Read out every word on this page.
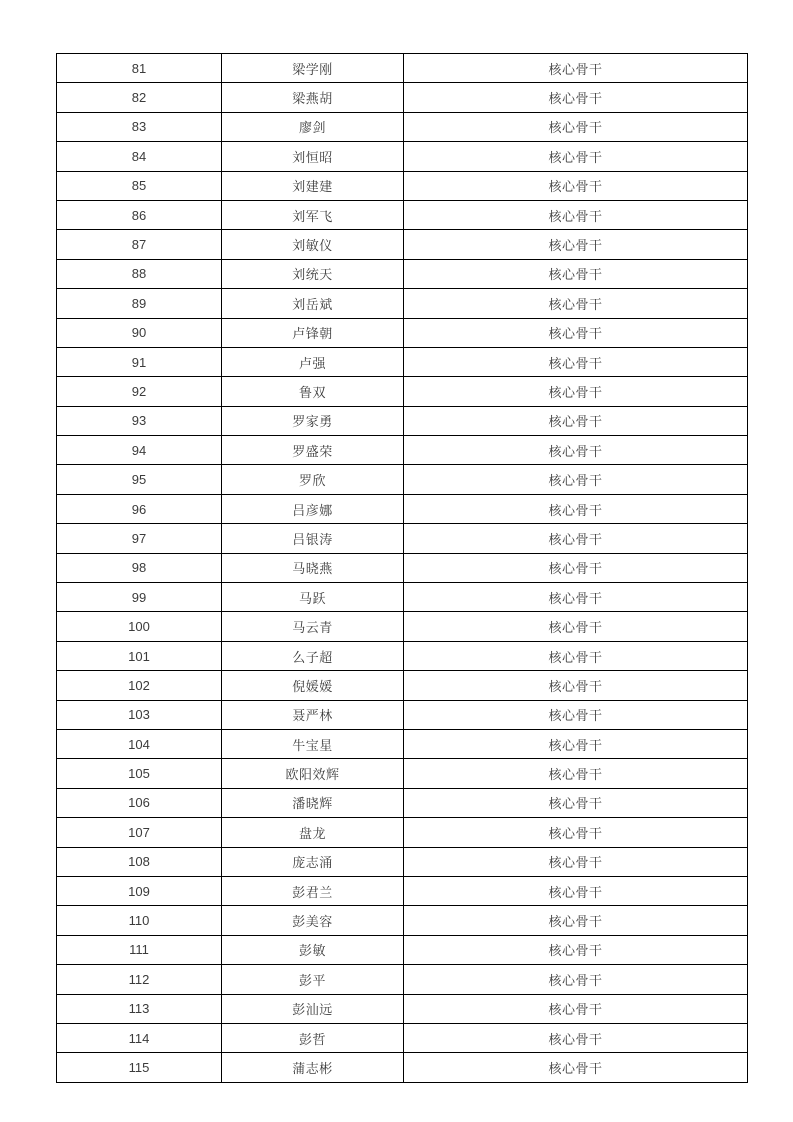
81	梁学刚	核心骨干
82	梁燕胡	核心骨干
83	廖剑	核心骨干
84	刘恒昭	核心骨干
85	刘建建	核心骨干
86	刘军飞	核心骨干
87	刘敏仪	核心骨干
88	刘统天	核心骨干
89	刘岳斌	核心骨干
90	卢锋朝	核心骨干
91	卢强	核心骨干
92	鲁双	核心骨干
93	罗家勇	核心骨干
94	罗盛荣	核心骨干
95	罗欣	核心骨干
96	吕彦娜	核心骨干
97	吕银涛	核心骨干
98	马晓燕	核心骨干
99	马跃	核心骨干
100	马云青	核心骨干
101	么子超	核心骨干
102	倪媛媛	核心骨干
103	聂严林	核心骨干
104	牛宝星	核心骨干
105	欧阳效辉	核心骨干
106	潘晓辉	核心骨干
107	盘龙	核心骨干
108	庞志涌	核心骨干
109	彭君兰	核心骨干
110	彭美容	核心骨干
111	彭敏	核心骨干
112	彭平	核心骨干
113	彭汕远	核心骨干
114	彭哲	核心骨干
115	蒲志彬	核心骨干
